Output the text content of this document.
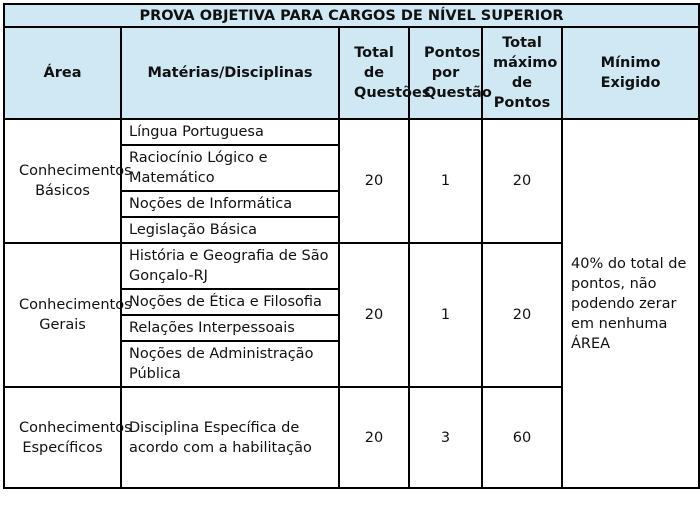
PROVA OBJETIVA PARA CARGOS DE NÍVEL SUPERIOR					
Área	Matérias/Disciplinas	Total de Questões	Pontos por Questão	Total máximo de Pontos	Mínimo Exigido
Conhecimentos Básicos	Língua Portuguesa	20	1	20	40% do total de pontos, não podendo zerar em nenhuma ÁREA
	Raciocínio Lógico e Matemático				
	Noções de Informática				
	Legislação Básica				
Conhecimentos Gerais	História e Geografia de São Gonçalo-RJ	20	1	20	
	Noções de Ética e Filosofia				
	Relações Interpessoais				
	Noções de Administração Pública				
Conhecimentos Específicos	Disciplina Específica de acordo com a habilitação	20	3	60	
